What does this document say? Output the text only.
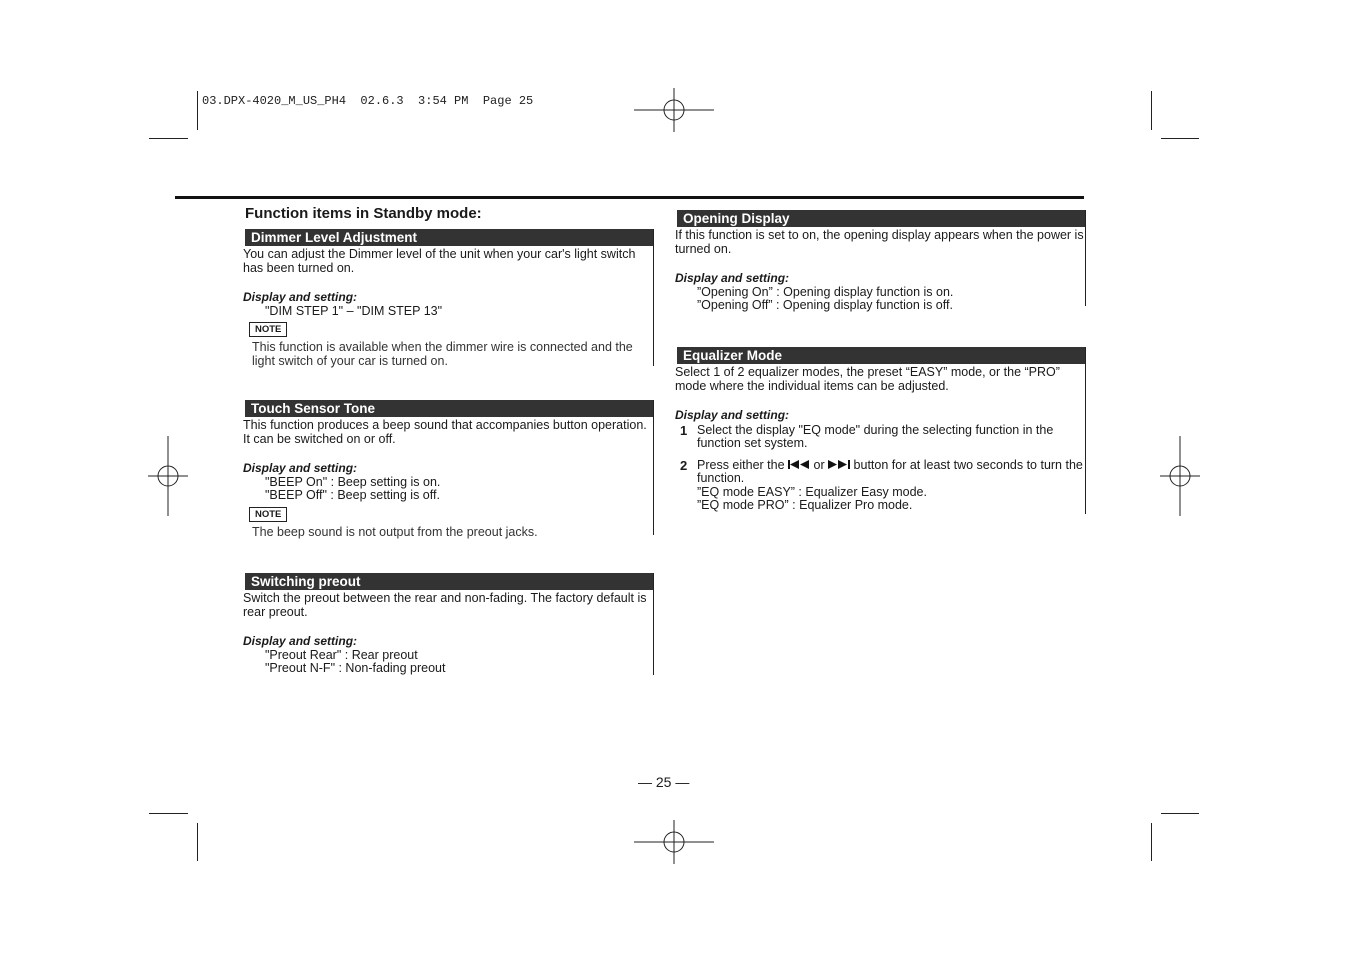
03.DPX-4020_M_US_PH4  02.6.3  3:54 PM  Page 25
Function items in Standby mode:
Dimmer Level Adjustment

You can adjust the Dimmer level of the unit when your car's light switch has been turned on.

Display and setting:

"DIM STEP 1" – "DIM STEP 13"

NOTE

This function is available when the dimmer wire is connected and the light switch of your car is turned on.

Touch Sensor Tone

This function produces a beep sound that accompanies button operation. It can be switched on or off.

Display and setting:

"BEEP On" : Beep setting is on.

"BEEP Off" : Beep setting is off.

NOTE

The beep sound is not output from the preout jacks.

Switching preout

Switch the preout between the rear and non-fading. The factory default is rear preout.

Display and setting:

"Preout Rear" : Rear preout

"Preout N-F" : Non-fading preout

Opening Display

If this function is set to on, the opening display appears when the power is turned on.

Display and setting:

”Opening On” : Opening display function is on.

”Opening Off” : Opening display function is off.

Equalizer Mode

Select 1 of 2 equalizer modes, the preset “EASY” mode, or the “PRO” mode where the individual items can be adjusted.

Display and setting:

1 Select the display "EQ mode" during the selecting function in the function set system.
2 Press either the  or  button for at least two seconds to turn the function.
”EQ mode EASY” : Equalizer Easy mode.
”EQ mode PRO” : Equalizer Pro mode.
— 25 —
